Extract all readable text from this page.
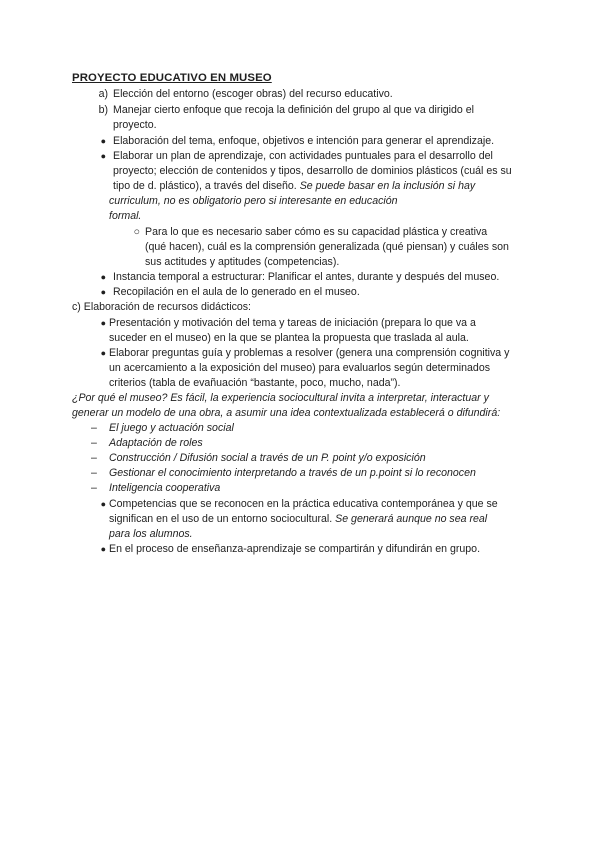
PROYECTO EDUCATIVO EN MUSEO
a) Elección del entorno (escoger obras) del recurso educativo.
b) Manejar cierto enfoque que recoja la definición del grupo al que va dirigido el
proyecto.
● Elaboración del tema, enfoque, objetivos e intención para generar el aprendizaje.
● Elaborar un plan de aprendizaje, con actividades puntuales para el desarrollo del
proyecto; elección de contenidos y tipos, desarrollo de dominios plásticos (cuál es su
tipo de d. plástico), a través del diseño. Se puede basar en la inclusión si hay
curriculum, no es obligatorio pero si interesante en educación
formal.
○ Para lo que es necesario saber cómo es su capacidad plástica y creativa
(qué hacen), cuál es la comprensión generalizada (qué piensan) y cuáles son
sus actitudes y aptitudes (competencias).
● Instancia temporal a estructurar: Planificar el antes, durante y después del museo.
● Recopilación en el aula de lo generado en el museo.
c) Elaboración de recursos didácticos:
● Presentación y motivación del tema y tareas de iniciación (prepara lo que va a
suceder en el museo) en la que se plantea la propuesta que traslada al aula.
● Elaborar preguntas guía y problemas a resolver (genera una comprensión cognitiva y
un acercamiento a la exposición del museo) para evaluarlos según determinados
criterios (tabla de evañuación “bastante, poco, mucho, nada”).
¿Por qué el museo? Es fácil, la experiencia sociocultural invita a interpretar, interactuar y
generar un modelo de una obra, a asumir una idea contextualizada establecerá o difundirá:
–	El juego y actuación social
–	Adaptación de roles
–	Construcción / Difusión social a través de un P. point y/o exposición
–	Gestionar el conocimiento interpretando a través de un p.point si lo reconocen
–	Inteligencia cooperativa
● Competencias que se reconocen en la práctica educativa contemporánea y que se
significan en el uso de un entorno sociocultural. Se generará aunque no sea real
para los alumnos.
● En el proceso de enseñanza-aprendizaje se compartirán y difundirán en grupo.
